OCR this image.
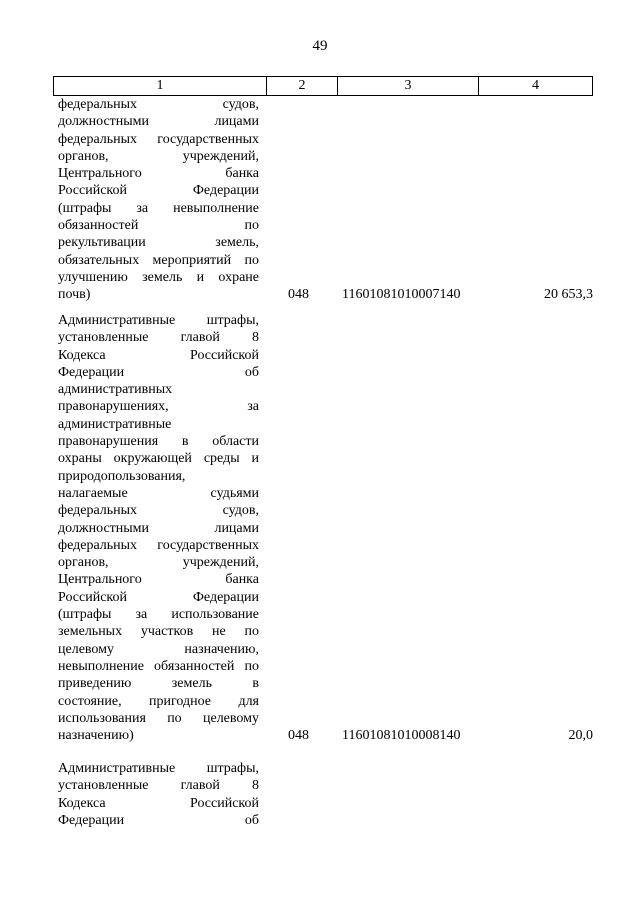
49
1	2	3	4
федеральных судов,
должностными лицами
федеральных государственных
органов, учреждений,
Центрального банка
Российской Федерации
(штрафы за невыполнение
обязанностей по
рекультивации земель,
обязательных мероприятий по
улучшению земель и охране
почв)	048 11601081010007140	20 653,3
Административные штрафы,
установленные главой 8
Кодекса Российской
Федерации об
административных
правонарушениях, за
административные
правонарушения в области
охраны окружающей среды и
природопользования,
налагаемые судьями
федеральных судов,
должностными лицами
федеральных государственных
органов, учреждений,
Центрального банка
Российской Федерации
(штрафы за использование
земельных участков не по
целевому назначению,
невыполнение обязанностей по
приведению земель в
состояние, пригодное для
использования по целевому
назначению)	048 11601081010008140	20,0
Административные штрафы,
установленные главой 8
Кодекса Российской
Федерации об
